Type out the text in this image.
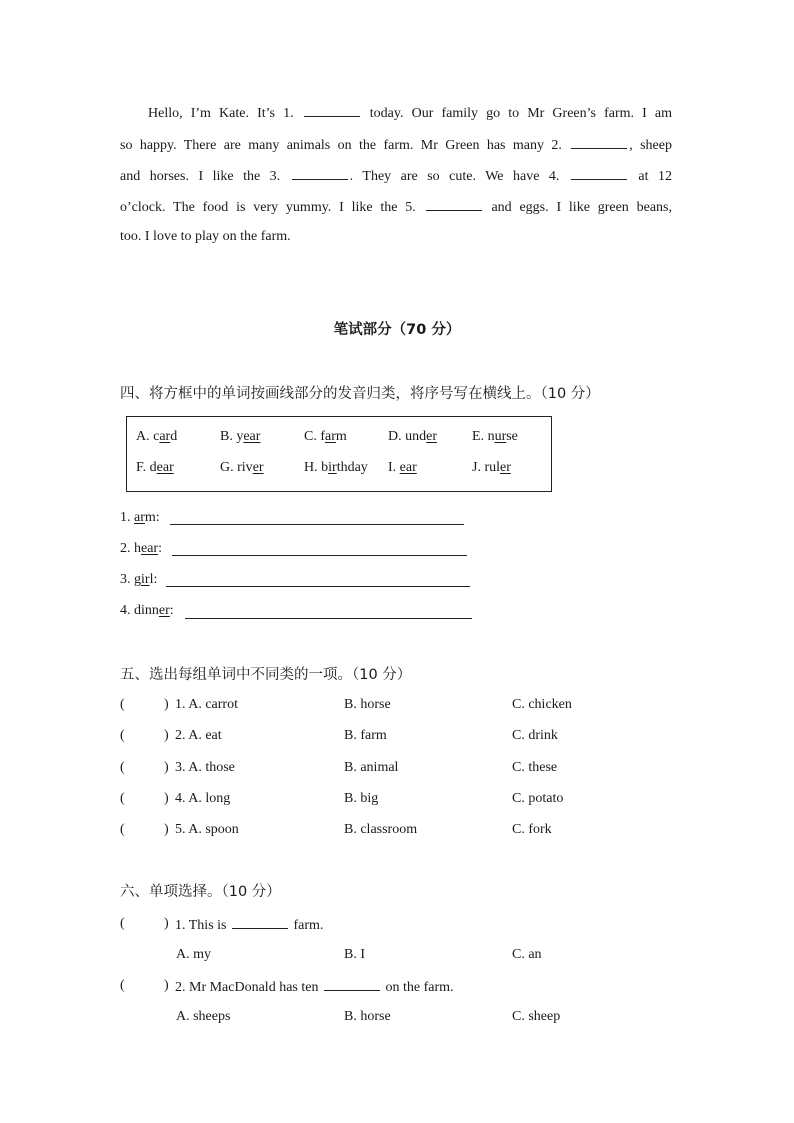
Hello, I’m Kate. It’s 1.	today. Our family go to Mr Green’s farm. I am
so happy. There are many animals on the farm. Mr Green has many 2.	, sheep
and horses. I like the 3.	. They are so cute. We have 4.	at 12
o’clock. The food is very yummy. I like the 5.	and eggs. I like green beans,
too. I love to play on the farm.
笔试部分（70 分）
四、将方框中的单词按画线部分的发音归类，将序号写在横线上。（10 分）
A. card	B. year	C. farm	D. under E. nurse
F. dear	G. river	H. birthday I. ear	J. ruler
1. arm:
2. hear:
3. girl:
4. dinner:
五、选出每组单词中不同类的一项。（10 分）
(	) 1. A. carrot	B. horse	C. chicken
(	) 2. A. eat	B. farm	C. drink
(	) 3. A. those	B. animal	C. these
(	) 4. A. long	B. big	C. potato
(	) 5. A. spoon	B. classroom	C. fork
六、单项选择。（10 分）
(	) 1. This is	farm.
A. my	B. I	C. an
(	) 2. Mr MacDonald has ten	on the farm.
A. sheeps	B. horse	C. sheep
